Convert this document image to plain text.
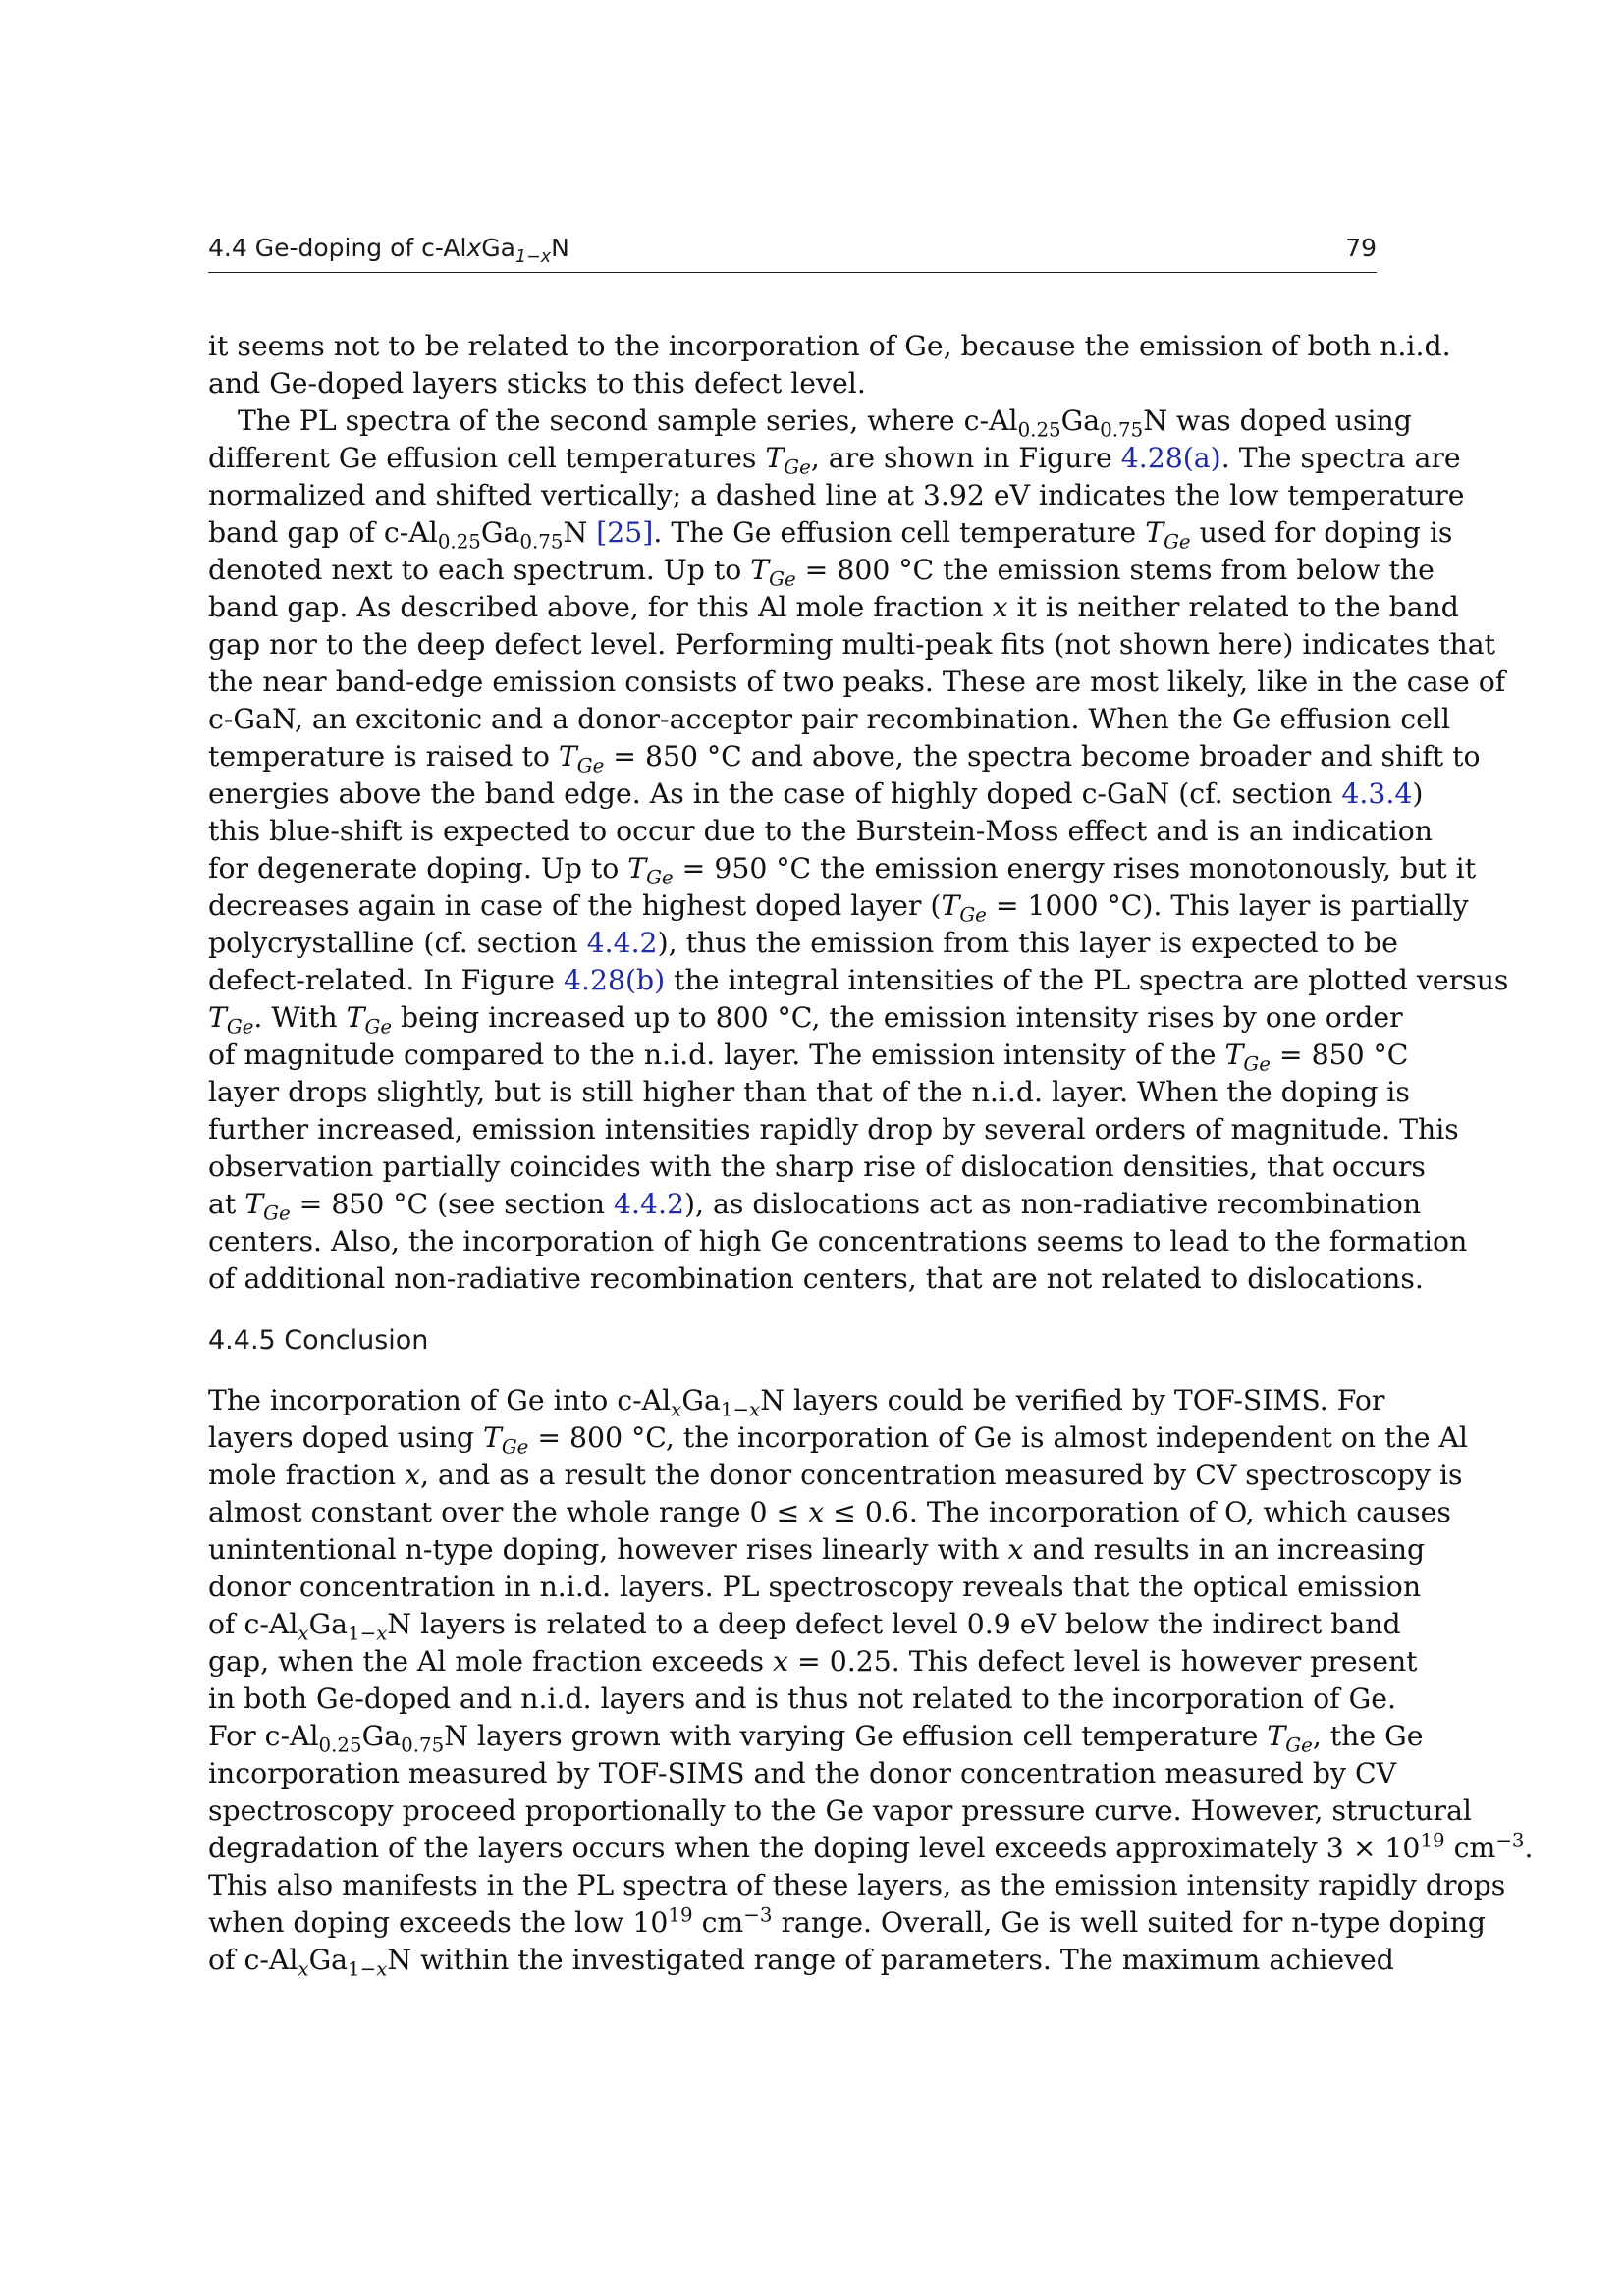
4.4 Ge-doping of c-AlxGa$_{1-x}$N	79
it seems not to be related to the incorporation of Ge, because the emission of both n.i.d.
and Ge-doped layers sticks to this defect level.
The PL spectra of the second sample series, where $c-Al_{0.25}Ga_{0.75}N$ was doped using
different Ge effusion cell temperatures $T_{Ge}$, are shown in Figure 4.28(a). The spectra are
normalized and shifted vertically; a dashed line at 3.92 eV indicates the low temperature
band gap of $c-Al_{0.25}Ga_{0.75}N$ [25]. The Ge effusion cell temperature $T_{Ge}$ used for doping is
denoted next to each spectrum. Up to $T_{Ge} = 800$ °C the emission stems from below the
band gap. As described above, for this Al mole fraction x it is neither related to the band
gap nor to the deep defect level. Performing multi-peak fits (not shown here) indicates that
the near band-edge emission consists of two peaks. These are most likely, like in the case of
c-GaN, an excitonic and a donor-acceptor pair recombination. When the Ge effusion cell
temperature is raised to $T_{Ge} = 850$ °C and above, the spectra become broader and shift to
energies above the band edge. As in the case of highly doped c-GaN (cf. section 4.3.4)
this blue-shift is expected to occur due to the Burstein-Moss effect and is an indication
for degenerate doping. Up to $T_{Ge} = 950$ °C the emission energy rises monotonously, but it
decreases again in case of the highest doped layer ($T_{Ge} = 1000$ °C). This layer is partially
polycrystalline (cf. section 4.4.2), thus the emission from this layer is expected to be
defect-related. In Figure 4.28(b) the integral intensities of the PL spectra are plotted versus
$T_{Ge}$. With $T_{Ge}$ being increased up to 800 °C, the emission intensity rises by one order
of magnitude compared to the n.i.d. layer. The emission intensity of the $T_{Ge} = 850$ °C
layer drops slightly, but is still higher than that of the n.i.d. layer. When the doping is
further increased, emission intensities rapidly drop by several orders of magnitude. This
observation partially coincides with the sharp rise of dislocation densities, that occurs
at $T_{Ge} = 850$ °C (see section 4.4.2), as dislocations act as non-radiative recombination
centers. Also, the incorporation of high Ge concentrations seems to lead to the formation
of additional non-radiative recombination centers, that are not related to dislocations.
4.4.5 Conclusion
The incorporation of Ge into $c-Al_xGa_{1-x}N$ layers could be verified by TOF-SIMS. For
layers doped using $T_{Ge} = 800$ °C, the incorporation of Ge is almost independent on the Al
mole fraction x, and as a result the donor concentration measured by CV spectroscopy is
almost constant over the whole range 0 ≤ x ≤ 0.6. The incorporation of O, which causes
unintentional n-type doping, however rises linearly with x and results in an increasing
donor concentration in n.i.d. layers. PL spectroscopy reveals that the optical emission
of $c-Al_xGa_{1-x}N$ layers is related to a deep defect level 0.9 eV below the indirect band
gap, when the Al mole fraction exceeds x = 0.25. This defect level is however present
in both Ge-doped and n.i.d. layers and is thus not related to the incorporation of Ge.
For $c-Al_{0.25}Ga_{0.75}N$ layers grown with varying Ge effusion cell temperature $T_{Ge}$, the Ge
incorporation measured by TOF-SIMS and the donor concentration measured by CV
spectroscopy proceed proportionally to the Ge vapor pressure curve. However, structural
degradation of the layers occurs when the doping level exceeds approximately $3 \times 10^{19}$ $cm^{-3}$.
This also manifests in the PL spectra of these layers, as the emission intensity rapidly drops
when doping exceeds the low $10^{19}$ $cm^{-3}$ range. Overall, Ge is well suited for n-type doping
of $c-Al_xGa_{1-x}N$ within the investigated range of parameters. The maximum achieved
